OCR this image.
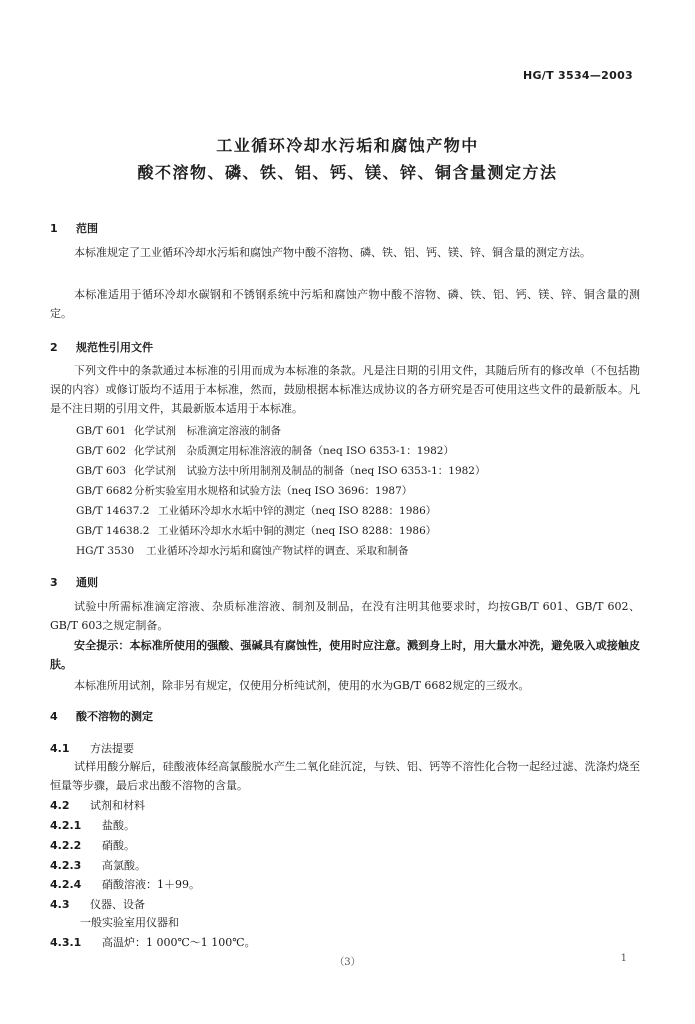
HG/T 3534—2003
工业循环冷却水污垢和腐蚀产物中
酸不溶物、磷、铁、铝、钙、镁、锌、铜含量测定方法
1 范围
本标准规定了工业循环冷却水污垢和腐蚀产物中酸不溶物、磷、铁、铝、钙、镁、锌、铜含量的测定方法。
本标准适用于循环冷却水碳钢和不锈钢系统中污垢和腐蚀产物中酸不溶物、磷、铁、铝、钙、镁、锌、铜含量的测定。
2 规范性引用文件
下列文件中的条款通过本标准的引用而成为本标准的条款。凡是注日期的引用文件，其随后所有的修改单（不包括勘误的内容）或修订版均不适用于本标准，然而，鼓励根据本标准达成协议的各方研究是否可使用这些文件的最新版本。凡是不注日期的引用文件，其最新版本适用于本标准。
GB/T 601 化学试剂　标准滴定溶液的制备
GB/T 602 化学试剂　杂质测定用标准溶液的制备（neq ISO 6353-1：1982）
GB/T 603 化学试剂　试验方法中所用制剂及制品的制备（neq ISO 6353-1：1982）
GB/T 6682分析实验室用水规格和试验方法（neq ISO 3696：1987）
GB/T 14637.2 工业循环冷却水水垢中锌的测定（neq ISO 8288：1986）
GB/T 14638.2 工业循环冷却水水垢中铜的测定（neq ISO 8288：1986）
HG/T 3530 工业循环冷却水污垢和腐蚀产物试样的调查、采取和制备
3 通则
试验中所需标准滴定溶液、杂质标准溶液、制剂及制品，在没有注明其他要求时，均按GB/T 601、GB/T 602、GB/T 603之规定制备。
安全提示：本标准所使用的强酸、强碱具有腐蚀性，使用时应注意。溅到身上时，用大量水冲洗，避免吸入或接触皮肤。
本标准所用试剂，除非另有规定，仅使用分析纯试剂，使用的水为GB/T 6682规定的三级水。
4 酸不溶物的测定
4.1 方法提要
试样用酸分解后，硅酸液体经高氯酸脱水产生二氧化硅沉淀，与铁、铝、钙等不溶性化合物一起经过滤、洗涤灼烧至恒量等步骤，最后求出酸不溶物的含量。
4.2 试剂和材料
4.2.1 盐酸。
4.2.2 硝酸。
4.2.3 高氯酸。
4.2.4 硝酸溶液：1＋99。
4.3 仪器、设备
一般实验室用仪器和
4.3.1 高温炉：1 000℃～1 100℃。
（3）	1
